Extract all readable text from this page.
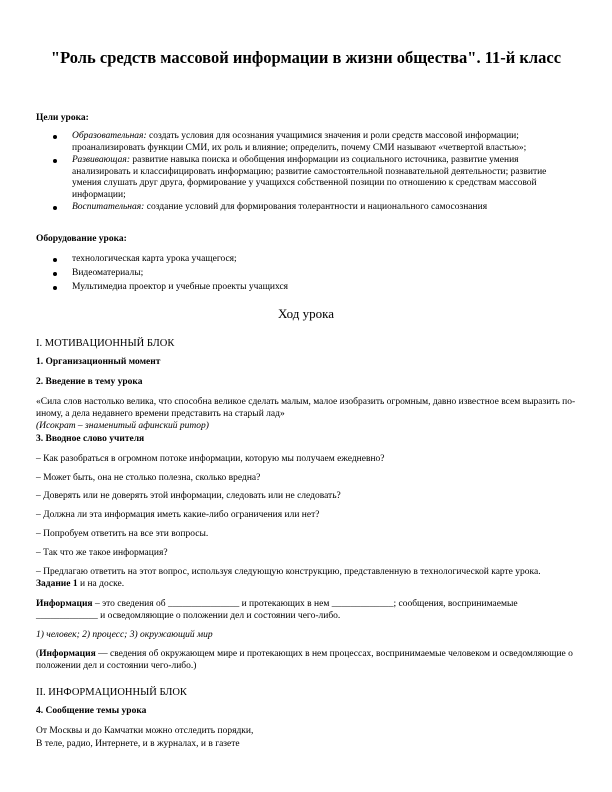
"Роль средств массовой информации в жизни общества". 11-й класс
Цели урока:
Образовательная: создать условия для осознания учащимися значения и роли средств массовой информации; проанализировать функции СМИ, их роль и влияние; определить, почему СМИ называют «четвертой властью»;
Развивающая: развитие навыка поиска и обобщения информации из социального источника, развитие умения анализировать и классифицировать информацию; развитие самостоятельной познавательной деятельности; развитие умения слушать друг друга, формирование у учащихся собственной позиции по отношению к средствам массовой информации;
Воспитательная: создание условий для формирования толерантности и национального самосознания
Оборудование урока:
технологическая карта урока учащегося;
Видеоматериалы;
Мультимедиа проектор и учебные проекты учащихся
Ход урока
I. МОТИВАЦИОННЫЙ БЛОК
1. Организационный момент
2. Введение в тему урока
«Сила слов настолько велика, что способна великое сделать малым, малое изобразить огромным, давно известное всем выразить по-иному, а дела недавнего времени представить на старый лад»
(Исократ – знаменитый афинский ритор)
3. Вводное слово учителя
– Как разобраться в огромном потоке информации, которую мы получаем ежедневно?
– Может быть, она не столько полезна, сколько вредна?
– Доверять или не доверять этой информации, следовать или не следовать?
– Должна ли эта информация иметь какие-либо ограничения или нет?
– Попробуем ответить на все эти вопросы.
– Так что же такое информация?
– Предлагаю ответить на этот вопрос, используя следующую конструкцию, представленную в технологической карте урока. Задание 1 и на доске.
Информация – это сведения об _______________ и протекающих в нем _____________; сообщения, воспринимаемые _____________ и осведомляющие о положении дел и состоянии чего-либо.
1) человек; 2) процесс; 3) окружающий мир
(Информация — сведения об окружающем мире и протекающих в нем процессах, воспринимаемые человеком и осведомляющие о положении дел и состоянии чего-либо.)
II. ИНФОРМАЦИОННЫЙ БЛОК
4. Сообщение темы урока
От Москвы и до Камчатки можно отследить порядки,
В теле, радио, Интернете, и в журналах, и в газете
